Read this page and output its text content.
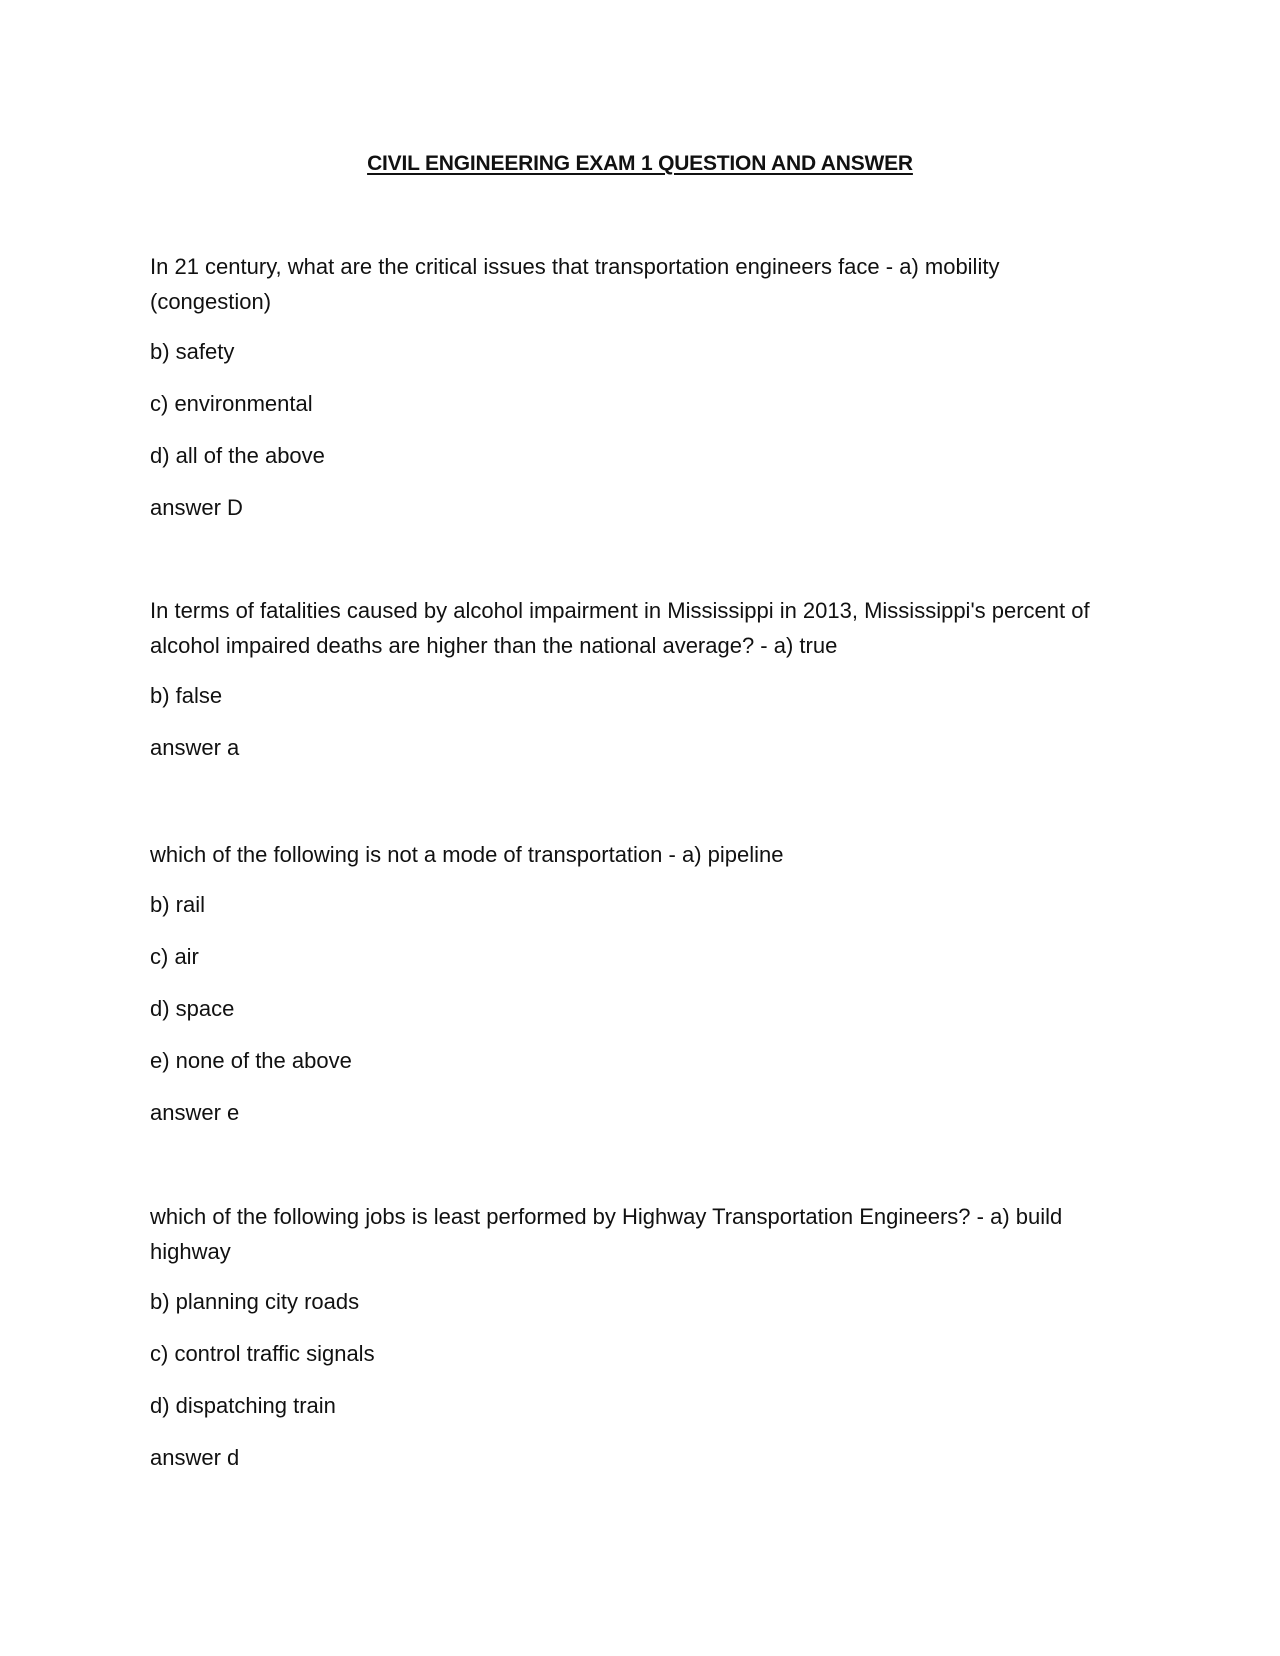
CIVIL ENGINEERING EXAM 1 QUESTION AND ANSWER

In 21 century, what are the critical issues that transportation engineers face - a) mobility (congestion)

b) safety

c) environmental

d) all of the above

answer D

In terms of fatalities caused by alcohol impairment in Mississippi in 2013, Mississippi's percent of alcohol impaired deaths are higher than the national average? - a) true

b) false

answer a

which of the following is not a mode of transportation - a) pipeline

b) rail

c) air

d) space

e) none of the above

answer e

which of the following jobs is least performed by Highway Transportation Engineers? - a) build highway

b) planning city roads

c) control traffic signals

d) dispatching train

answer d
